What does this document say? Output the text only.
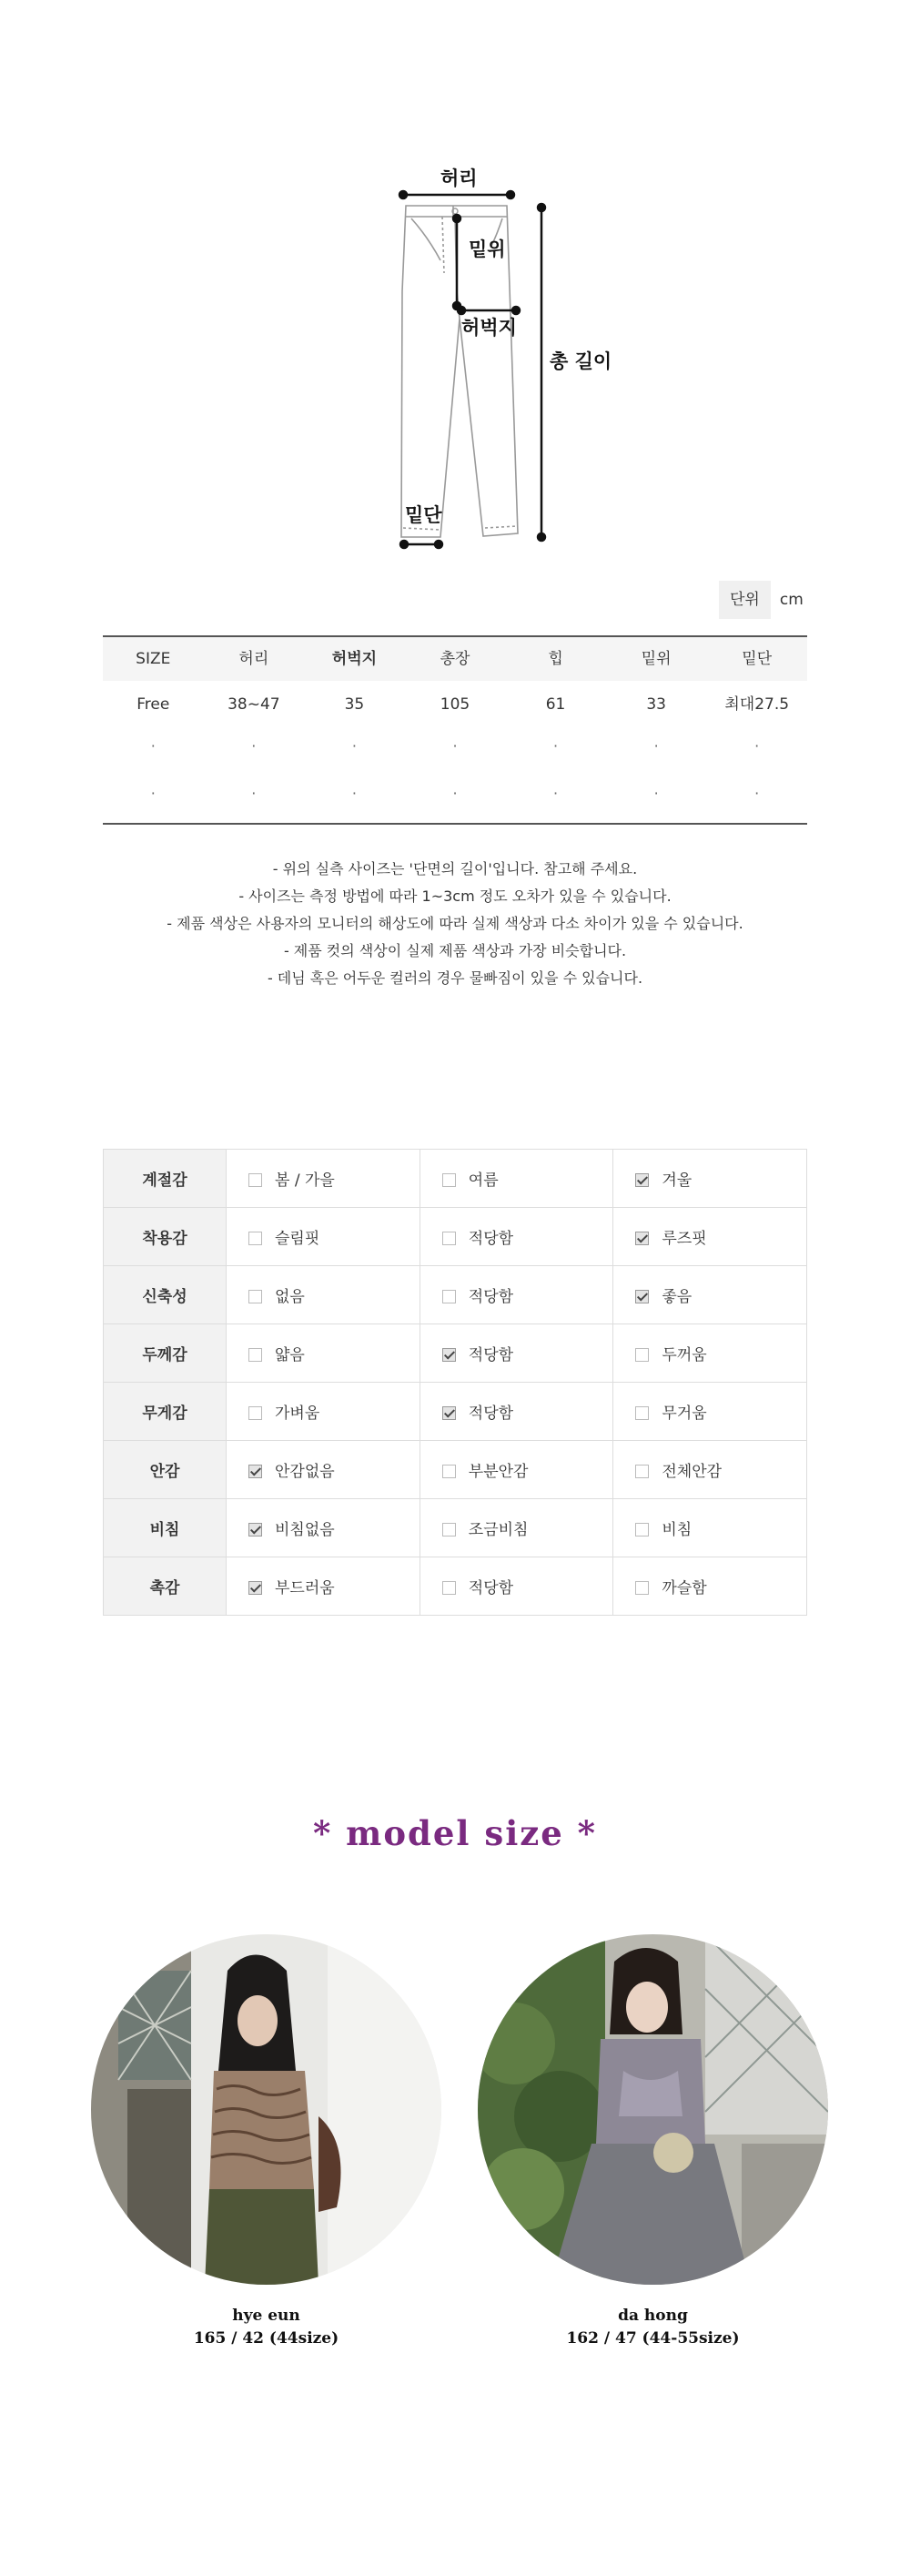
허리
밑위
허벅지
총 길이
밑단
단위	cm
SIZE	허리	허벅지	총장	힙	밑위	밑단
Free	38~47	35	105	61	33	최대27.5
·	·	·	·	·	·	·
·	·	·	·	·	·	·
- 위의 실측 사이즈는 '단면의 길이'입니다. 참고해 주세요.
- 사이즈는 측정 방법에 따라 1~3cm 정도 오차가 있을 수 있습니다.
- 제품 색상은 사용자의 모니터의 해상도에 따라 실제 색상과 다소 차이가 있을 수 있습니다.
- 제품 컷의 색상이 실제 제품 색상과 가장 비슷합니다.
- 데님 혹은 어두운 컬러의 경우 물빠짐이 있을 수 있습니다.
계절감	봄 / 가을	여름	겨울
착용감	슬림핏	적당함	루즈핏
신축성	없음	적당함	좋음
두께감	얇음	적당함	두꺼움
무게감	가벼움	적당함	무거움
안감	안감없음	부분안감	전체안감
비침	비침없음	조금비침	비침
촉감	부드러움	적당함	까슬함
* model size *
hye eun
165 / 42 (44size)
da hong
162 / 47 (44-55size)
